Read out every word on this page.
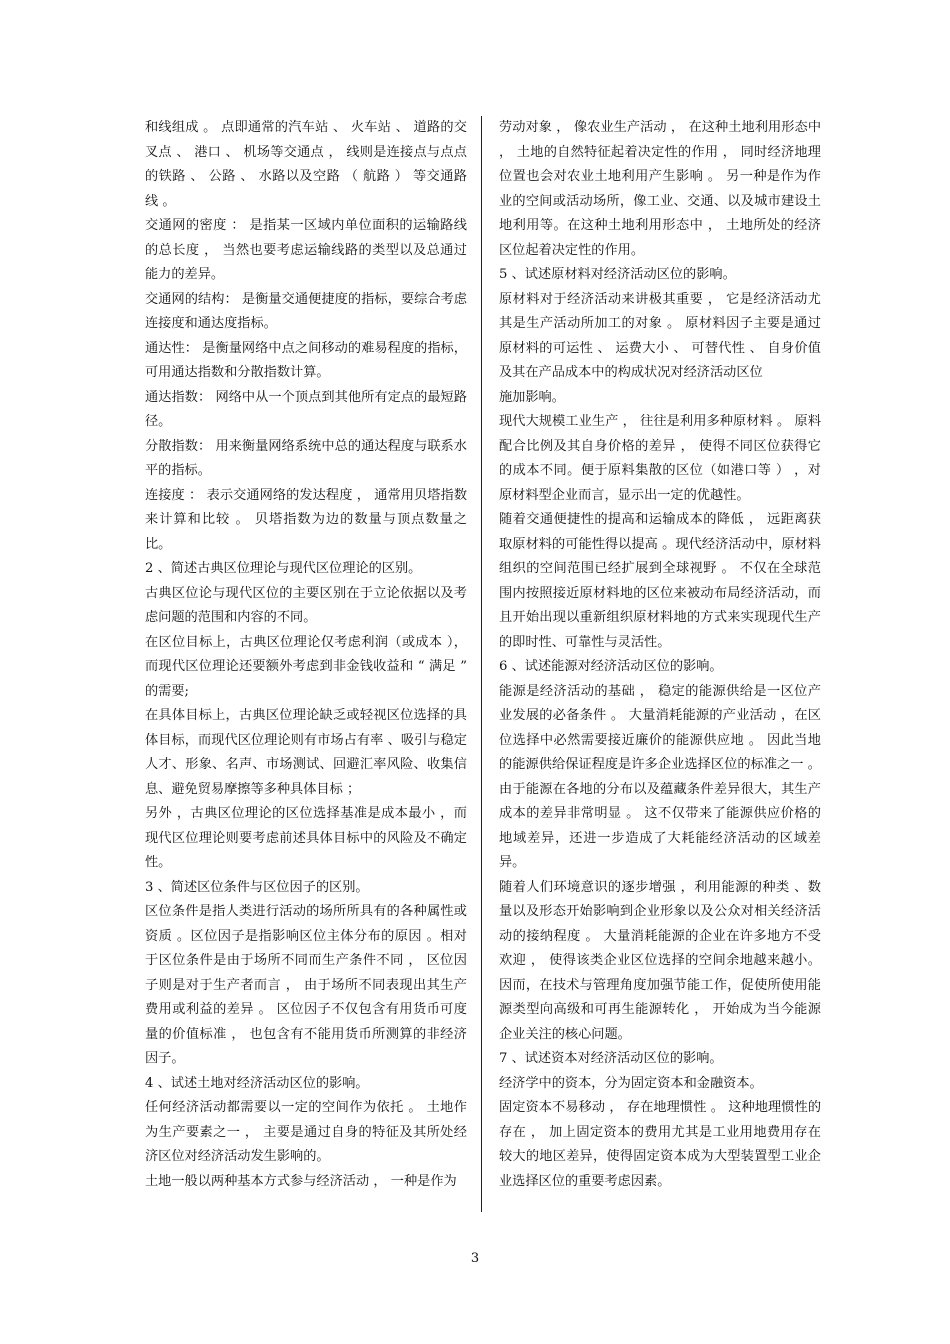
和线组成 。 点即通常的汽车站 、 火车站 、 道路的交叉点 、 港口 、 机场等交通点 ， 线则是连接点与点点的铁路 、 公路 、 水路以及空路 （ 航路 ） 等交通路线 。

交通网的密度 ： 是指某一区域内单位面积的运输路线的总长度 ， 当然也要考虑运输线路的类型以及总通过能力的差异。

交通网的结构： 是衡量交通便捷度的指标，要综合考虑连接度和通达度指标。

通达性： 是衡量网络中点之间移动的难易程度的指标，可用通达指数和分散指数计算。

通达指数： 网络中从一个顶点到其他所有定点的最短路径。

分散指数： 用来衡量网络系统中总的通达程度与联系水平的指标。

连接度 ： 表示交通网络的发达程度 ， 通常用贝塔指数来计算和比较 。 贝塔指数为边的数量与顶点数量之比。

2 、简述古典区位理论与现代区位理论的区别。

古典区位论与现代区位的主要区别在于立论依据以及考虑问题的范围和内容的不同。

在区位目标上，古典区位理论仅考虑利润（或成本 ），而现代区位理论还要额外考虑到非金钱收益和 “ 满足 ” 的需要;

在具体目标上，古典区位理论缺乏或轻视区位选择的具体目标，而现代区位理论则有市场占有率 、吸引与稳定人才、形象、名声、市场测试、回避汇率风险、收集信息、避免贸易摩擦等多种具体目标 ；

另外 ，古典区位理论的区位选择基准是成本最小 ，而现代区位理论则要考虑前述具体目标中的风险及不确定性。

3 、简述区位条件与区位因子的区别。

区位条件是指人类进行活动的场所所具有的各种属性或资质 。区位因子是指影响区位主体分布的原因 。相对于区位条件是由于场所不同而生产条件不同 ， 区位因子则是对于生产者而言 ， 由于场所不同表现出其生产费用或利益的差异 。 区位因子不仅包含有用货币可度量的价值标准 ， 也包含有不能用货币所测算的非经济因子。

4 、试述土地对经济活动区位的影响。

任何经济活动都需要以一定的空间作为依托 。 土地作为生产要素之一 ， 主要是通过自身的特征及其所处经济区位对经济活动发生影响的。

土地一般以两种基本方式参与经济活动 ， 一种是作为

劳动对象 ， 像农业生产活动 ， 在这种土地利用形态中 ， 土地的自然特征起着决定性的作用 ， 同时经济地理位置也会对农业土地利用产生影响 。 另一种是作为作业的空间或活动场所，像工业、交通、以及城市建设土地利用等。在这种土地利用形态中 ， 土地所处的经济区位起着决定性的作用。

5 、试述原材料对经济活动区位的影响。

原材料对于经济活动来讲极其重要 ， 它是经济活动尤其是生产活动所加工的对象 。 原材料因子主要是通过原材料的可运性 、 运费大小 、 可替代性 、 自身价值及其在产品成本中的构成状况对经济活动区位

施加影响。

现代大规模工业生产 ， 往往是利用多种原材料 。 原料配合比例及其自身价格的差异 ， 使得不同区位获得它的成本不同。便于原料集散的区位（如港口等 ） ，对原材料型企业而言，显示出一定的优越性。

随着交通便捷性的提高和运输成本的降低 ， 远距离获取原材料的可能性得以提高 。现代经济活动中，原材料组织的空间范围已经扩展到全球视野 。 不仅在全球范围内按照接近原材料地的区位来被动布局经济活动，而且开始出现以重新组织原材料地的方式来实现现代生产的即时性、可靠性与灵活性。

6 、试述能源对经济活动区位的影响。

能源是经济活动的基础 ， 稳定的能源供给是一区位产业发展的必备条件 。 大量消耗能源的产业活动 ，在区位选择中必然需要接近廉价的能源供应地 。 因此当地的能源供给保证程度是许多企业选择区位的标准之一 。 由于能源在各地的分布以及蕴藏条件差异很大，其生产成本的差异非常明显 。 这不仅带来了能源供应价格的地域差异，还进一步造成了大耗能经济活动的区域差异。

随着人们环境意识的逐步增强 ，利用能源的种类 、数量以及形态开始影响到企业形象以及公众对相关经济活动的接纳程度 。 大量消耗能源的企业在许多地方不受欢迎 ， 使得该类企业区位选择的空间余地越来越小。因而，在技术与管理角度加强节能工作，促使所使用能源类型向高级和可再生能源转化 ， 开始成为当今能源企业关注的核心问题。

7 、试述资本对经济活动区位的影响。

经济学中的资本，分为固定资本和金融资本。

固定资本不易移动 ， 存在地理惯性 。 这种地理惯性的存在 ， 加上固定资本的费用尤其是工业用地费用存在较大的地区差异，使得固定资本成为大型装置型工业企业选择区位的重要考虑因素。

3
